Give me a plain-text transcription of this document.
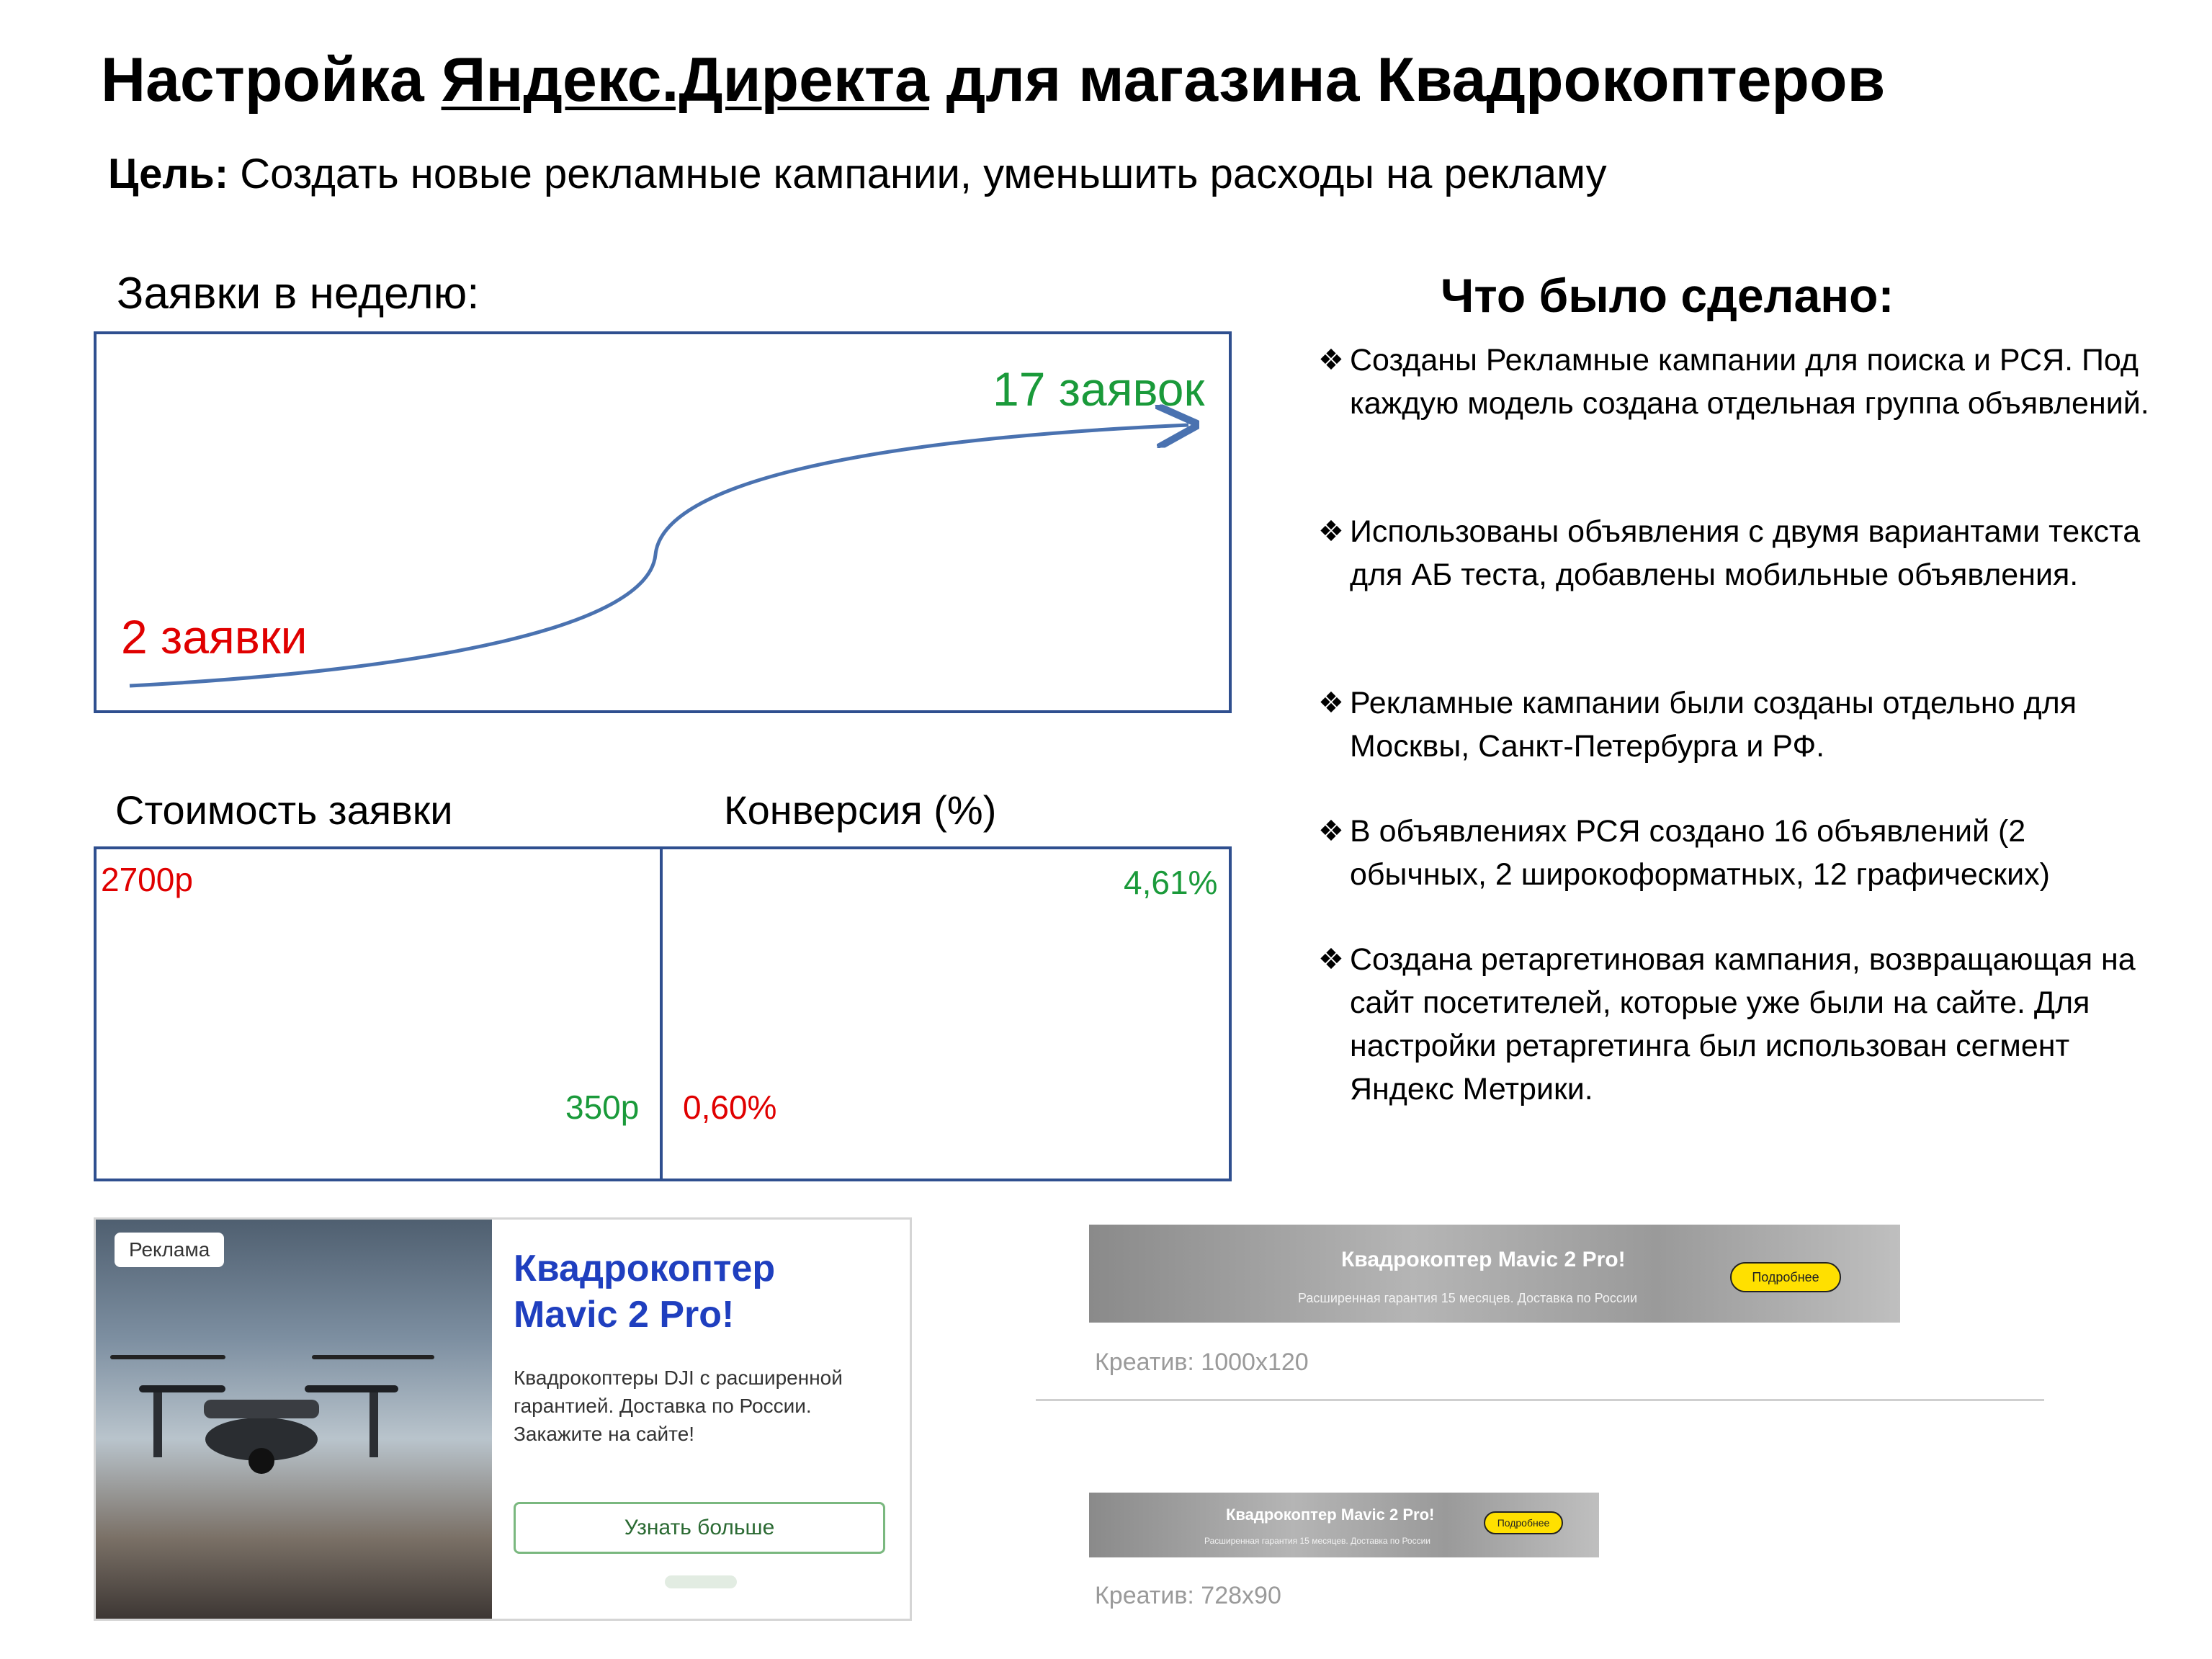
Настройка Яндекс.Директа для магазина Квадрокоптеров
Цель: Создать новые рекламные кампании, уменьшить расходы на рекламу
Заявки в неделю:
2 заявки
17 заявок
Стоимость заявки	Конверсия (%)
2700р
350р 0,60%
4,61%
Что было сделано:
❖ Созданы Рекламные кампании для поиска и РСЯ. Под каждую модель создана отдельная группа объявлений.
❖ Использованы объявления с двумя вариантами текста для АБ теста, добавлены мобильные объявления.
❖ Рекламные кампании были созданы отдельно для Москвы, Санкт-Петербурга и РФ.
❖ В объявлениях РСЯ создано 16 объявлений (2 обычных, 2 широкоформатных, 12 графических)
❖ Создана ретаргетиновая кампания, возвращающая на сайт посетителей, которые уже были на сайте. Для настройки ретаргетинга был использован сегмент Яндекс Метрики.
Реклама	Квадрокоптер
Mavic 2 Pro!
Квадрокоптеры DJI с расширенной гарантией. Доставка по России. Закажите на сайте!
Узнать больше
Квадрокоптер Mavic 2 Pro!
Расширенная гарантия 15 месяцев. Доставка по России
Подробнее
Креатив: 1000x120
Квадрокоптер Mavic 2 Pro!
Расширенная гарантия 15 месяцев. Доставка по России
Подробнее
Креатив: 728x90
